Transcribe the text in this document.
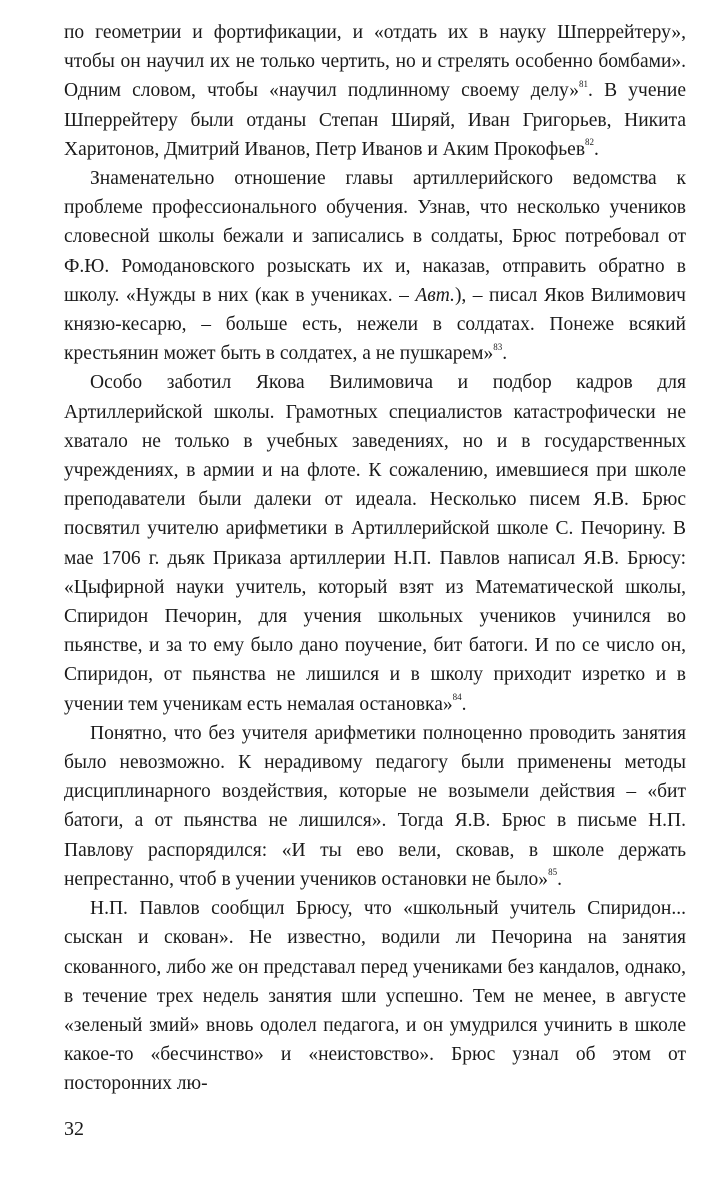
по геометрии и фортификации, и «отдать их в науку Шперрейтеру», чтобы он научил их не только чертить, но и стрелять особенно бомбами». Одним словом, чтобы «научил подлинному своему делу»$^{81}$. В учение Шперрейтеру были отданы Степан Ширяй, Иван Григорьев, Никита Харитонов, Дмитрий Иванов, Петр Иванов и Аким Прокофьев$^{82}$.

Знаменательно отношение главы артиллерийского ведомства к проблеме профессионального обучения. Узнав, что несколько учеников словесной школы бежали и записались в солдаты, Брюс потребовал от Ф.Ю. Ромодановского розыскать их и, наказав, отправить обратно в школу. «Нужды в них (как в учениках. – Авт.), – писал Яков Вилимович князю-кесарю, – больше есть, нежели в солдатах. Понеже всякий крестьянин может быть в солдатех, а не пушкарем»$^{83}$.

Особо заботил Якова Вилимовича и подбор кадров для Артиллерийской школы. Грамотных специалистов катастрофически не хватало не только в учебных заведениях, но и в государственных учреждениях, в армии и на флоте. К сожалению, имевшиеся при школе преподаватели были далеки от идеала. Несколько писем Я.В. Брюс посвятил учителю арифметики в Артиллерийской школе С. Печорину. В мае 1706 г. дьяк Приказа артиллерии Н.П. Павлов написал Я.В. Брюсу: «Цыфирной науки учитель, который взят из Математической школы, Спиридон Печорин, для учения школьных учеников учинился во пьянстве, и за то ему было дано поучение, бит батоги. И по се число он, Спиридон, от пьянства не лишился и в школу приходит изретко и в учении тем ученикам есть немалая остановка»$^{84}$.

Понятно, что без учителя арифметики полноценно проводить занятия было невозможно. К нерадивому педагогу были применены методы дисциплинарного воздействия, которые не возымели действия – «бит батоги, а от пьянства не лишился». Тогда Я.В. Брюс в письме Н.П. Павлову распорядился: «И ты ево вели, сковав, в школе держать непрестанно, чтоб в учении учеников остановки не было»$^{85}$.

Н.П. Павлов сообщил Брюсу, что «школьный учитель Спиридон... сыскан и скован». Не известно, водили ли Печорина на занятия скованного, либо же он представал перед учениками без кандалов, однако, в течение трех недель занятия шли успешно. Тем не менее, в августе «зеленый змий» вновь одолел педагога, и он умудрился учинить в школе какое-то «бесчинство» и «неистовство». Брюс узнал об этом от посторонних лю-

32
